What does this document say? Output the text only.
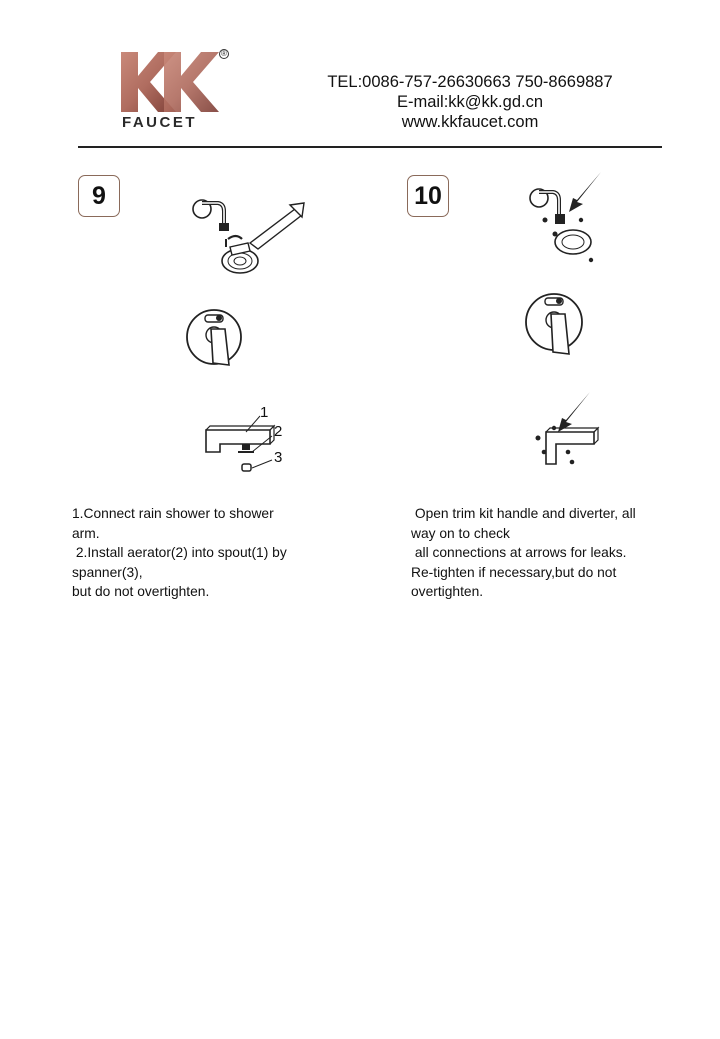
®
FAUCET
TEL:0086-757-26630663 750-8669887
E-mail:kk@kk.gd.cn
www.kkfaucet.com
9
1
2
3
1.Connect rain shower to shower
arm.
2.Install aerator(2) into spout(1) by
spanner(3),
but do not overtighten.
10
Open trim kit handle and diverter, all
way on to check
all connections at arrows for leaks.
Re-tighten if necessary,but do not
overtighten.
